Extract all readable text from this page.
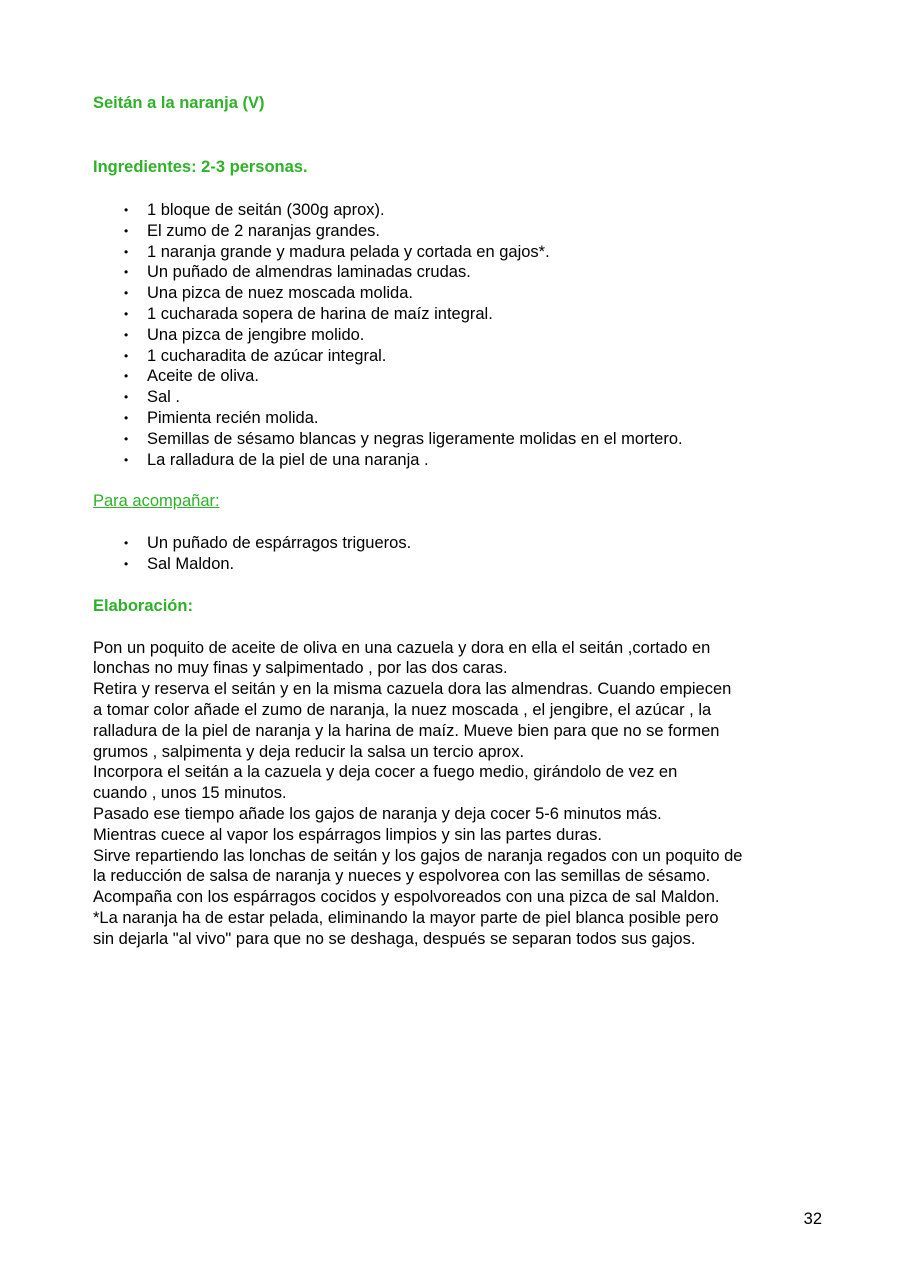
Seitán a la naranja (V)
Ingredientes: 2-3 personas.
• 1 bloque de seitán (300g aprox).
• El zumo de 2 naranjas grandes.
• 1 naranja grande y madura pelada y cortada en gajos*.
• Un puñado de almendras laminadas crudas.
• Una pizca de nuez moscada molida.
• 1 cucharada sopera de harina de maíz integral.
• Una pizca de jengibre molido.
• 1 cucharadita de azúcar integral.
• Aceite de oliva.
• Sal .
• Pimienta recién molida.
• Semillas de sésamo blancas y negras ligeramente molidas en el mortero.
• La ralladura de la piel de una naranja .
Para acompañar:
• Un puñado de espárragos trigueros.
• Sal Maldon.
Elaboración:
Pon un poquito de aceite de oliva en una cazuela y dora en ella el seitán ,cortado en
lonchas no muy finas y salpimentado , por las dos caras.
Retira y reserva el seitán y en la misma cazuela dora las almendras. Cuando empiecen
a tomar color añade el zumo de naranja, la nuez moscada , el jengibre, el azúcar , la
ralladura de la piel de naranja y la harina de maíz. Mueve bien para que no se formen
grumos , salpimenta y deja reducir la salsa un tercio aprox.
Incorpora el seitán a la cazuela y deja cocer a fuego medio, girándolo de vez en
cuando , unos 15 minutos.
Pasado ese tiempo añade los gajos de naranja y deja cocer 5-6 minutos más.
Mientras cuece al vapor los espárragos limpios y sin las partes duras.
Sirve repartiendo las lonchas de seitán y los gajos de naranja regados con un poquito de
la reducción de salsa de naranja y nueces y espolvorea con las semillas de sésamo.
Acompaña con los espárragos cocidos y espolvoreados con una pizca de sal Maldon.
*La naranja ha de estar pelada, eliminando la mayor parte de piel blanca posible pero
sin dejarla "al vivo" para que no se deshaga, después se separan todos sus gajos.
32
